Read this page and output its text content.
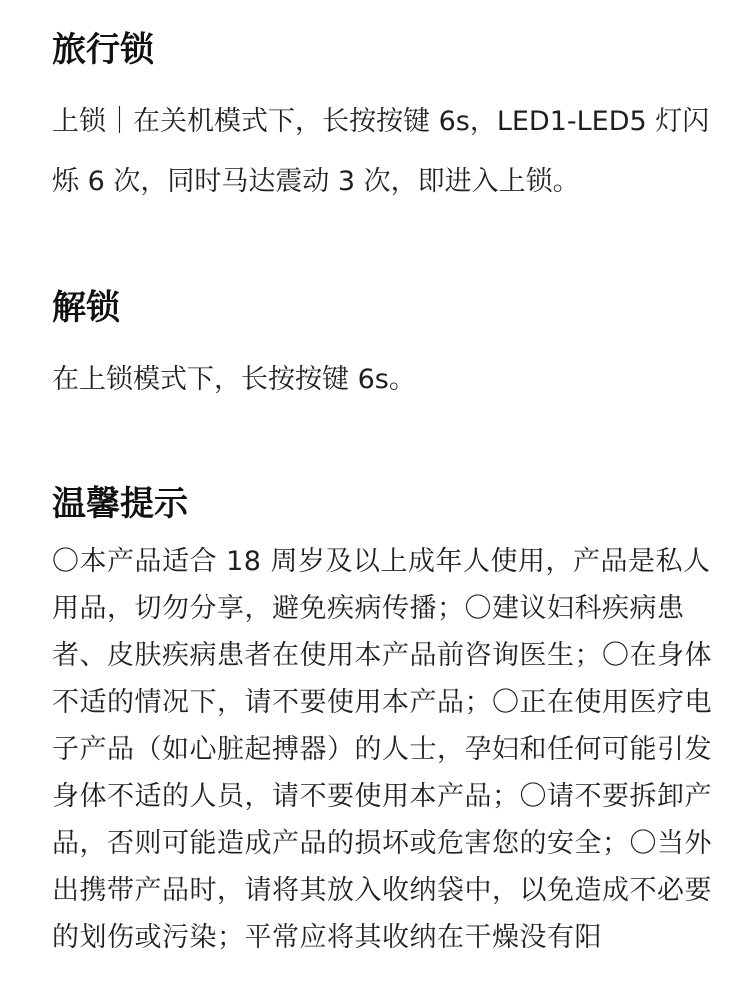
旅行锁

上锁｜在关机模式下，长按按键 6s，LED1-LED5 灯闪烁 6 次，同时马达震动 3 次，即进入上锁。

解锁

在上锁模式下，长按按键 6s。

温馨提示

〇本产品适合 18 周岁及以上成年人使用，产品是私人用品，切勿分享，避免疾病传播；〇建议妇科疾病患者、皮肤疾病患者在使用本产品前咨询医生；〇在身体不适的情况下，请不要使用本产品；〇正在使用医疗电子产品（如心脏起搏器）的人士，孕妇和任何可能引发身体不适的人员，请不要使用本产品；〇请不要拆卸产品，否则可能造成产品的损坏或危害您的安全；〇当外出携带产品时，请将其放入收纳袋中，以免造成不必要的划伤或污染；平常应将其收纳在干燥没有阳
